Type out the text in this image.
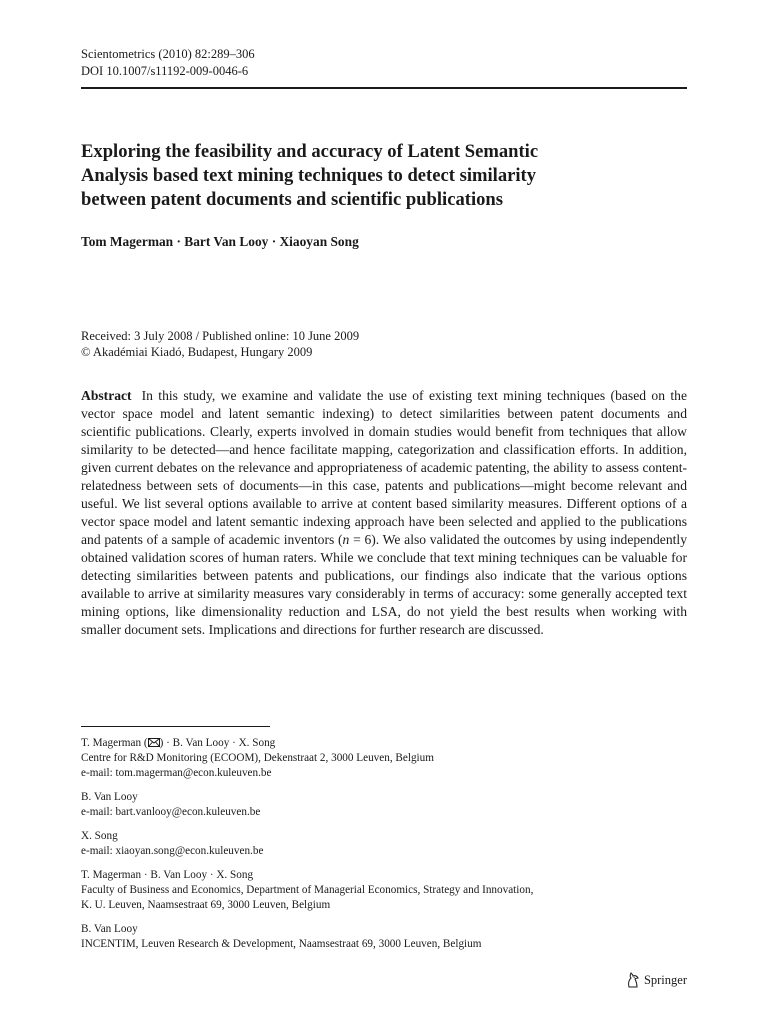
Scientometrics (2010) 82:289–306
DOI 10.1007/s11192-009-0046-6
Exploring the feasibility and accuracy of Latent Semantic
Analysis based text mining techniques to detect similarity
between patent documents and scientific publications
Tom Magerman · Bart Van Looy · Xiaoyan Song
Received: 3 July 2008 / Published online: 10 June 2009
© Akadémiai Kiadó, Budapest, Hungary 2009

Abstract In this study, we examine and validate the use of existing text mining techniques (based on the vector space model and latent semantic indexing) to detect similarities between patent documents and scientific publications. Clearly, experts involved in domain studies would benefit from techniques that allow similarity to be detected—and hence facilitate mapping, categorization and classification efforts. In addition, given current debates on the relevance and appropriateness of academic patenting, the ability to assess content-relatedness between sets of documents—in this case, patents and publications—might become relevant and useful. We list several options available to arrive at content based similarity measures. Different options of a vector space model and latent semantic indexing approach have been selected and applied to the publications and patents of a sample of academic inventors (n = 6). We also validated the outcomes by using independently obtained validation scores of human raters. While we conclude that text mining techniques can be valuable for detecting similarities between patents and publications, our findings also indicate that the various options available to arrive at similarity measures vary considerably in terms of accuracy: some generally accepted text mining options, like dimensionality reduction and LSA, do not yield the best results when working with smaller document sets. Implications and directions for further research are discussed.

T. Magerman ( ) · B. Van Looy · X. Song
Centre for R&D Monitoring (ECOOM), Dekenstraat 2, 3000 Leuven, Belgium
e-mail: tom.magerman@econ.kuleuven.be
B. Van Looy
e-mail: bart.vanlooy@econ.kuleuven.be
X. Song
e-mail: xiaoyan.song@econ.kuleuven.be
T. Magerman · B. Van Looy · X. Song
Faculty of Business and Economics, Department of Managerial Economics, Strategy and Innovation,
K. U. Leuven, Naamsestraat 69, 3000 Leuven, Belgium
B. Van Looy
INCENTIM, Leuven Research & Development, Naamsestraat 69, 3000 Leuven, Belgium
Springer
